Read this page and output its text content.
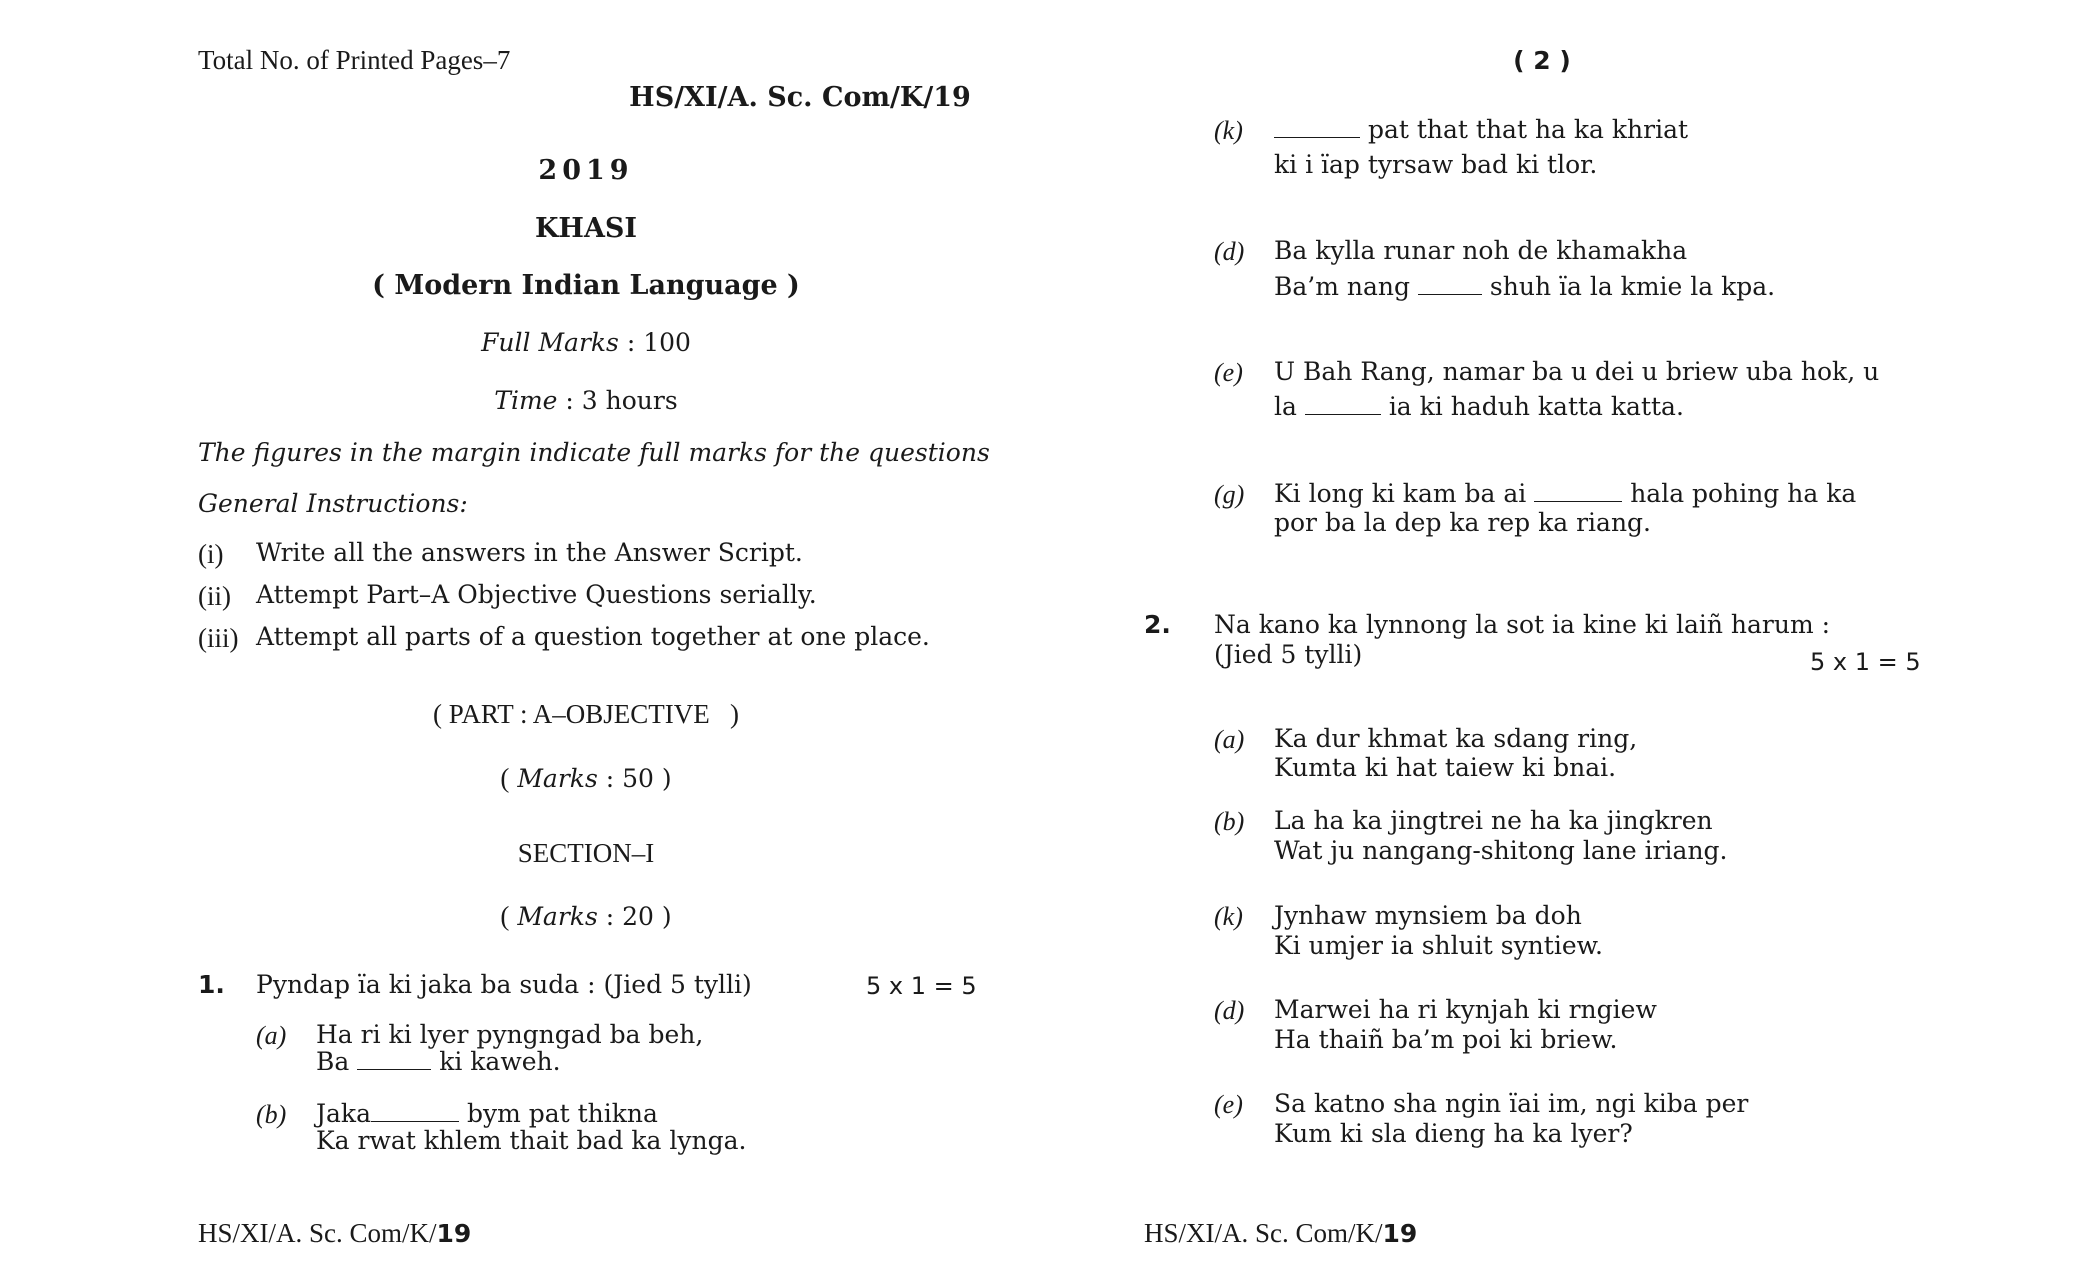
Total No. of Printed Pages–7
HS/XI/A. Sc. Com/K/19
2019
KHASI
( Modern Indian Language )
Full Marks : 100
Time : 3 hours
The figures in the margin indicate full marks for the questions
General Instructions:
(i) Write all the answers in the Answer Script.
(ii) Attempt Part–A Objective Questions serially.
(iii) Attempt all parts of a question together at one place.
( PART : A–OBJECTIVE   )
( Marks : 50 )
SECTION–I
( Marks : 20 )
1. Pyndap ïa ki jaka ba suda : (Jied 5 tylli)	5 x 1 = 5
(a) Ha ri ki lyer pyngngad ba beh,
Ba	ki kaweh.
(b) Jaka	bym pat thikna
Ka rwat khlem thait bad ka lynga.
HS/XI/A. Sc. Com/K/19
( 2 )
(k)	pat that that ha ka khriat
ki i ïap tyrsaw bad ki tlor.
(d) Ba kylla runar noh de khamakha
Ba’m nang	shuh ïa la kmie la kpa.
(e) U Bah Rang, namar ba u dei u briew uba hok, u
la	ia ki haduh katta katta.
(g) Ki long ki kam ba ai	hala pohing ha ka
por ba la dep ka rep ka riang.
2. Na kano ka lynnong la sot ia kine ki laiñ harum :
(Jied 5 tylli)	5 x 1 = 5
(a) Ka dur khmat ka sdang ring,
Kumta ki hat taiew ki bnai.
(b) La ha ka jingtrei ne ha ka jingkren
Wat ju nangang-shitong lane iriang.
(k) Jynhaw mynsiem ba doh
Ki umjer ia shluit syntiew.
(d) Marwei ha ri kynjah ki rngiew
Ha thaiñ ba’m poi ki briew.
(e) Sa katno sha ngin ïai im, ngi kiba per
Kum ki sla dieng ha ka lyer?
HS/XI/A. Sc. Com/K/19
